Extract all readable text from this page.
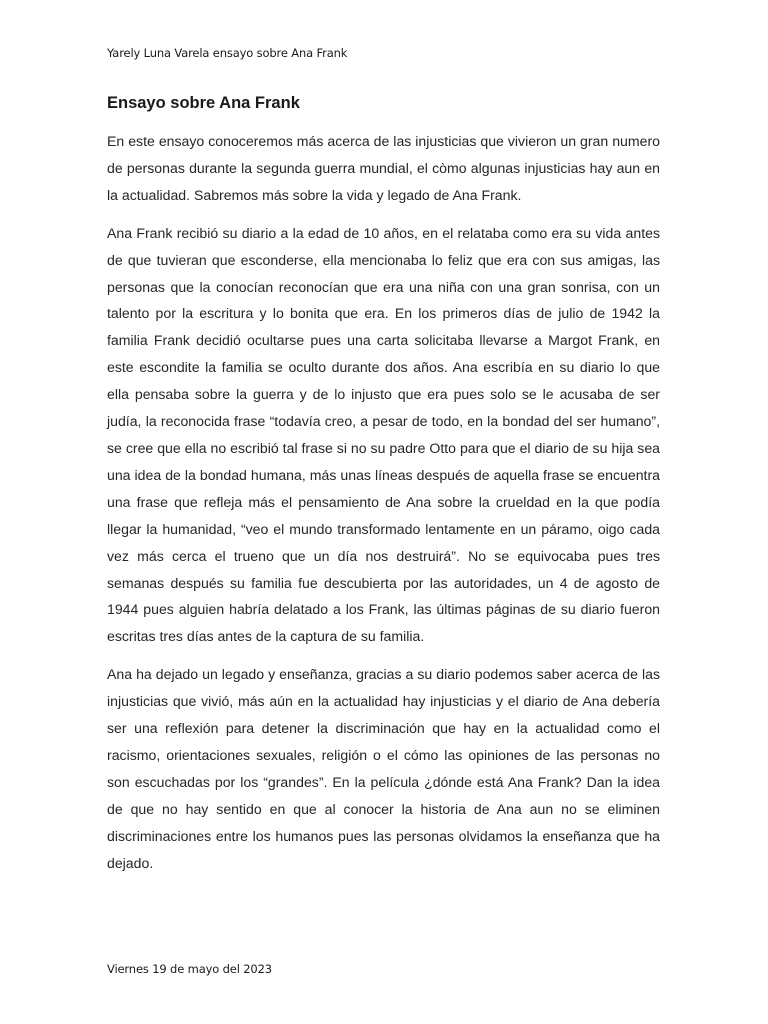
Yarely Luna Varela ensayo sobre Ana Frank
Ensayo sobre Ana Frank

En este ensayo conoceremos más acerca de las injusticias que vivieron un gran numero de personas durante la segunda guerra mundial, el còmo algunas injusticias hay aun en la actualidad. Sabremos más sobre la vida y legado de Ana Frank.

Ana Frank recibió su diario a la edad de 10 años, en el relataba como era su vida antes de que tuvieran que esconderse, ella mencionaba lo feliz que era con sus amigas, las personas que la conocían reconocían que era una niña con una gran sonrisa, con un talento por la escritura y lo bonita que era. En los primeros días de julio de 1942 la familia Frank decidió ocultarse pues una carta solicitaba llevarse a Margot Frank, en este escondite la familia se oculto durante dos años. Ana escribía en su diario lo que ella pensaba sobre la guerra y de lo injusto que era pues solo se le acusaba de ser judía, la reconocida frase “todavía creo, a pesar de todo, en la bondad del ser humano”, se cree que ella no escribió tal frase si no su padre Otto para que el diario de su hija sea una idea de la bondad humana, más unas líneas después de aquella frase se encuentra una frase que refleja más el pensamiento de Ana sobre la crueldad en la que podía llegar la humanidad, “veo el mundo transformado lentamente en un páramo, oigo cada vez más cerca el trueno que un día nos destruirá”. No se equivocaba pues tres semanas después su familia fue descubierta por las autoridades, un 4 de agosto de 1944 pues alguien habría delatado a los Frank, las últimas páginas de su diario fueron escritas tres días antes de la captura de su familia.

Ana ha dejado un legado y enseñanza, gracias a su diario podemos saber acerca de las injusticias que vivió, más aún en la actualidad hay injusticias y el diario de Ana debería ser una reflexión para detener la discriminación que hay en la actualidad como el racismo, orientaciones sexuales, religión o el cómo las opiniones de las personas no son escuchadas por los “grandes”. En la película ¿dónde está Ana Frank? Dan la idea de que no hay sentido en que al conocer la historia de Ana aun no se eliminen discriminaciones entre los humanos pues las personas olvidamos la enseñanza que ha dejado.

Viernes 19 de mayo del 2023
